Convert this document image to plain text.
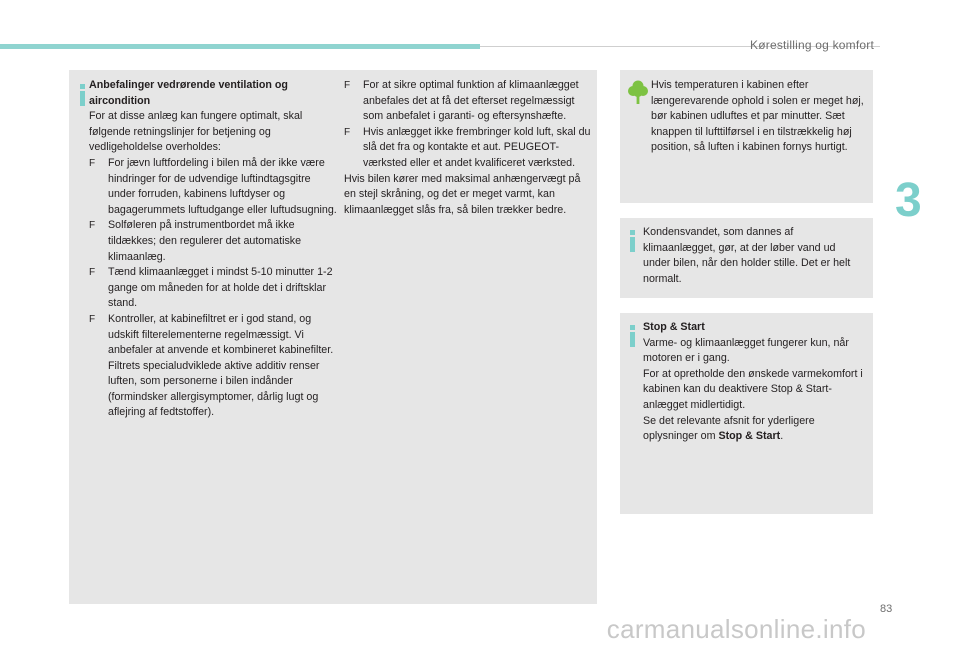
Kørestilling og komfort
3

Anbefalinger vedrørende ventilation og aircondition

For at disse anlæg kan fungere optimalt, skal følgende retningslinjer for betjening og vedligeholdelse overholdes:

F For jævn luftfordeling i bilen må der ikke være hindringer for de udvendige luftindtagsgitre under forruden, kabinens luftdyser og bagagerummets luftudgange eller luftudsugning.

F Solføleren på instrumentbordet må ikke tildækkes; den regulerer det automatiske klimaanlæg.

F Tænd klimaanlægget i mindst 5-10 minutter 1-2 gange om måneden for at holde det i driftsklar stand.

F Kontroller, at kabinefiltret er i god stand, og udskift filterelementerne regelmæssigt. Vi anbefaler at anvende et kombineret kabinefilter. Filtrets specialudviklede aktive additiv renser luften, som personerne i bilen indånder (formindsker allergisymptomer, dårlig lugt og aflejring af fedtstoffer).

F For at sikre optimal funktion af klimaanlægget anbefales det at få det efterset regelmæssigt som anbefalet i garanti- og eftersynshæfte.

F Hvis anlægget ikke frembringer kold luft, skal du slå det fra og kontakte et aut. PEUGEOT-værksted eller et andet kvalificeret værksted.

Hvis bilen kører med maksimal anhængervægt på en stejl skråning, og det er meget varmt, kan klimaanlægget slås fra, så bilen trækker bedre.

Hvis temperaturen i kabinen efter længerevarende ophold i solen er meget høj, bør kabinen udluftes et par minutter. Sæt knappen til lufttilførsel i en tilstrækkelig høj position, så luften i kabinen fornys hurtigt.
Kondensvandet, som dannes af klimaanlægget, gør, at der løber vand ud under bilen, når den holder stille. Det er helt normalt.

Stop & Start

Varme- og klimaanlægget fungerer kun, når motoren er i gang.

For at opretholde den ønskede varmekomfort i kabinen kan du deaktivere Stop & Start-anlægget midlertidigt.

Se det relevante afsnit for yderligere oplysninger om Stop & Start.

83
carmanualsonline.info
